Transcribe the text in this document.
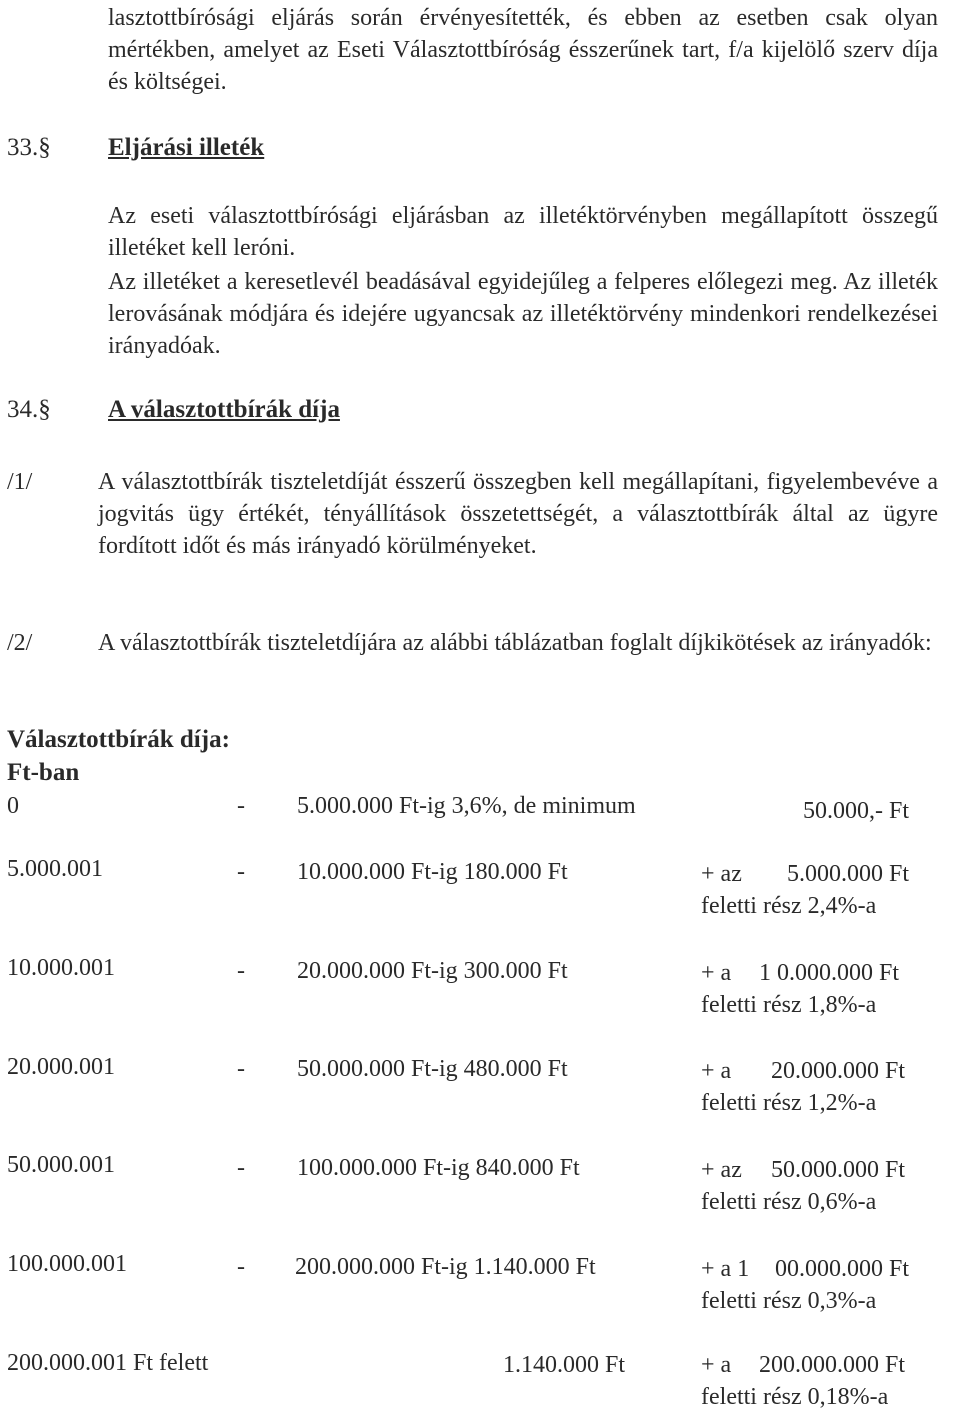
lasztottbírósági eljárás során érvényesítették, és ebben az esetben csak olyan mértékben, amelyet az Eseti Választottbíróság ésszerűnek tart, f/a kijelölő szerv díja és költségei.
33.§ Eljárási illeték
Az eseti választottbírósági eljárásban az illetéktörvényben megállapított összegű illetéket kell leróni.
Az illetéket a keresetlevél beadásával egyidejűleg a felperes előlegezi meg. Az illeték lerovásának módjára és idejére ugyancsak az illetéktörvény mindenkori rendelkezései irányadóak.
34.§ A választottbírák díja
/1/	A választottbírák tiszteletdíját ésszerű összegben kell megállapítani, figyelembevéve a jogvitás ügy értékét, tényállítások összetettségét, a választottbírák által az ügyre fordított időt és más irányadó körülményeket.
/2/	A választottbírák tiszteletdíjára az alábbi táblázatban foglalt díjkikötések az irányadók:
Választottbírák díja:
Ft-ban
0	- 5.000.000 Ft-ig 3,6%, de minimum	50.000,- Ft
5.000.001	- 10.000.000 Ft-ig 180.000 Ft	+ az 5.000.000 Ft
feletti rész 2,4%-a
10.000.001	- 20.000.000 Ft-ig 300.000 Ft	+ a 1 0.000.000 Ft
feletti rész 1,8%-a
20.000.001	- 50.000.000 Ft-ig 480.000 Ft	+ a 20.000.000 Ft
feletti rész 1,2%-a
50.000.001	- 100.000.000 Ft-ig 840.000 Ft	+ az 50.000.000 Ft
feletti rész 0,6%-a
100.000.001	- 200.000.000 Ft-ig 1.140.000 Ft	+ a 1 00.000.000 Ft
feletti rész 0,3%-a
200.000.001 Ft felett	1.140.000 Ft	+ a 200.000.000 Ft
feletti rész 0,18%-a
